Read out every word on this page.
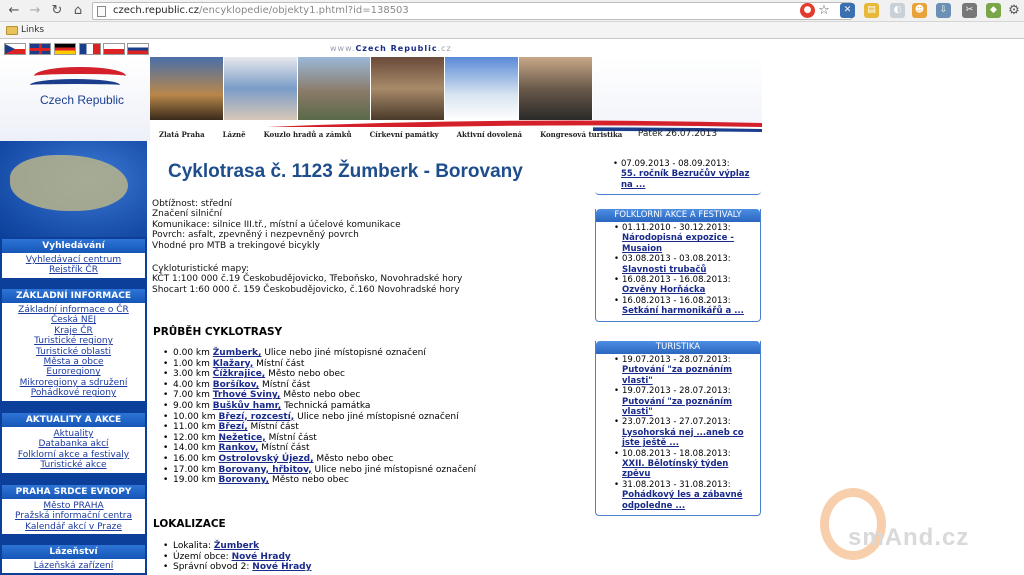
← → ↻ ⌂	czech.republic.cz/encyklopedie/objekty1.phtml?id=138503	● ☆	✕	▤	◐	☻	⇩	✂	◆ ⚙
Links
www.Czech Republic.cz
Czech Republic
Zlatá Praha	Lázně	Kouzlo hradů a zámků	Církevní památky	Aktivní dovolená	Kongresová turistika	Pátek 26.07.2013
Vyhledávání
Vyhledávací centrum
Rejstřík ČR
ZÁKLADNÍ INFORMACE
Základní informace o ČR
Česká NEJ
Kraje ČR
Turistické regiony
Turistické oblasti
Města a obce
Euroregiony
Mikroregiony a sdružení
Pohádkové regiony
AKTUALITY A AKCE
Aktuality
Databanka akcí
Folklorní akce a festivaly
Turistické akce
PRAHA SRDCE EVROPY
Město PRAHA
Pražská informační centra
Kalendář akcí v Praze
Lázeňství
Lázeňská zařízení
Cyklotrasa č. 1123 Žumberk - Borovany
Obtížnost: střední
Značení silniční
Komunikace: silnice III.tř., místní a účelové komunikace
Povrch: asfalt, zpevněný i nezpevněný povrch
Vhodné pro MTB a trekingové bicykly
Cykloturistické mapy:
KČT 1:100 000 č.19 Českobudějovicko, Třeboňsko, Novohradské hory
Shocart 1:60 000 č. 159 Českobudějovicko, č.160 Novohradské hory
PRŮBĚH CYKLOTRASY
• 0.00 km Žumberk, Ulice nebo jiné místopisné označení
• 1.00 km Klažary, Místní část
• 3.00 km Čížkrajice, Město nebo obec
• 4.00 km Boršíkov, Místní část
• 7.00 km Trhové Sviny, Město nebo obec
• 9.00 km Buškův hamr, Technická památka
• 10.00 km Březí, rozcestí, Ulice nebo jiné místopisné označení
• 11.00 km Březí, Místní část
• 12.00 km Nežetice, Místní část
• 14.00 km Rankov, Místní část
• 16.00 km Ostrolovský Újezd, Město nebo obec
• 17.00 km Borovany, hřbitov, Ulice nebo jiné místopisné označení
• 19.00 km Borovany, Město nebo obec
LOKALIZACE
• Lokalita: Žumberk
• Území obce: Nové Hrady
• Správní obvod 2: Nové Hrady
• 07.09.2013 - 08.09.2013:
55. ročník Bezručův výplaz na ...
FOLKLORNÍ AKCE A FESTIVALY
• 01.11.2010 - 30.12.2013:
Národopisná expozice - Musaion
• 03.08.2013 - 03.08.2013:
Slavnosti trubačů
• 16.08.2013 - 16.08.2013:
Ozvěny Horňácka
• 16.08.2013 - 16.08.2013:
Setkání harmonikářů a ...
TURISTIKA
• 19.07.2013 - 28.07.2013:
Putování "za poznáním vlasti"
• 19.07.2013 - 28.07.2013:
Putování "za poznáním vlasti"
• 23.07.2013 - 27.07.2013:
Lysohorská nej ...aneb co jste ještě ...
• 10.08.2013 - 18.08.2013:
XXII. Bělotínský týden zpěvu
• 31.08.2013 - 31.08.2013:
Pohádkový les a zábavné odpoledne ...
smAnd.cz
